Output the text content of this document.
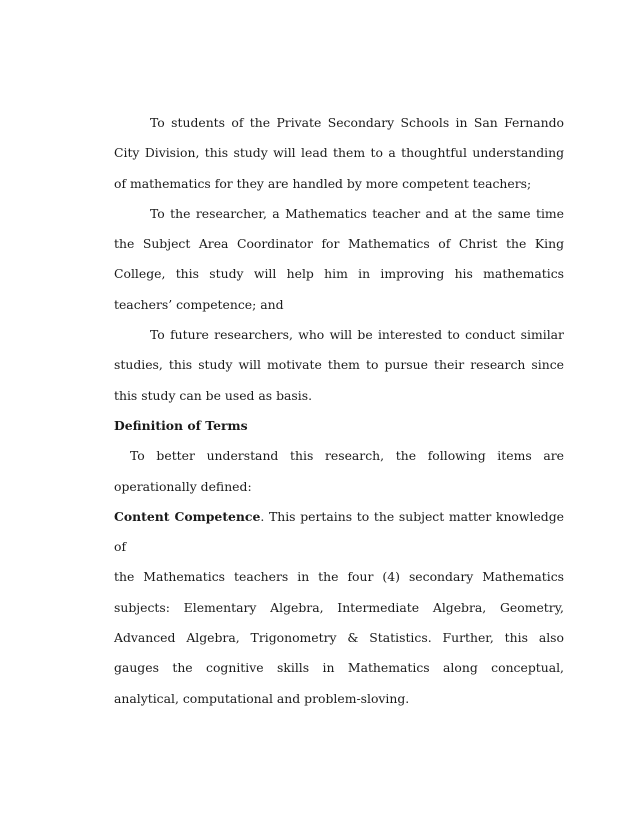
To students of the Private Secondary Schools in San Fernando City Division, this study will lead them to a thoughtful understanding of mathematics for they are handled by more competent teachers;

To the researcher, a Mathematics teacher and at the same time the Subject Area Coordinator for Mathematics of Christ the King College, this study will help him in improving his mathematics teachers’ competence; and

To future researchers, who will be interested to conduct similar studies, this study will motivate them to pursue their research since this study can be used as basis.

Definition of Terms

To better understand this research, the following items are operationally defined:

Content Competence. This pertains to the subject matter knowledge of

the Mathematics teachers in the four (4) secondary Mathematics subjects: Elementary Algebra, Intermediate Algebra, Geometry, Advanced Algebra, Trigonometry & Statistics. Further, this also gauges the cognitive skills in Mathematics along conceptual, analytical, computational and problem-sloving.
